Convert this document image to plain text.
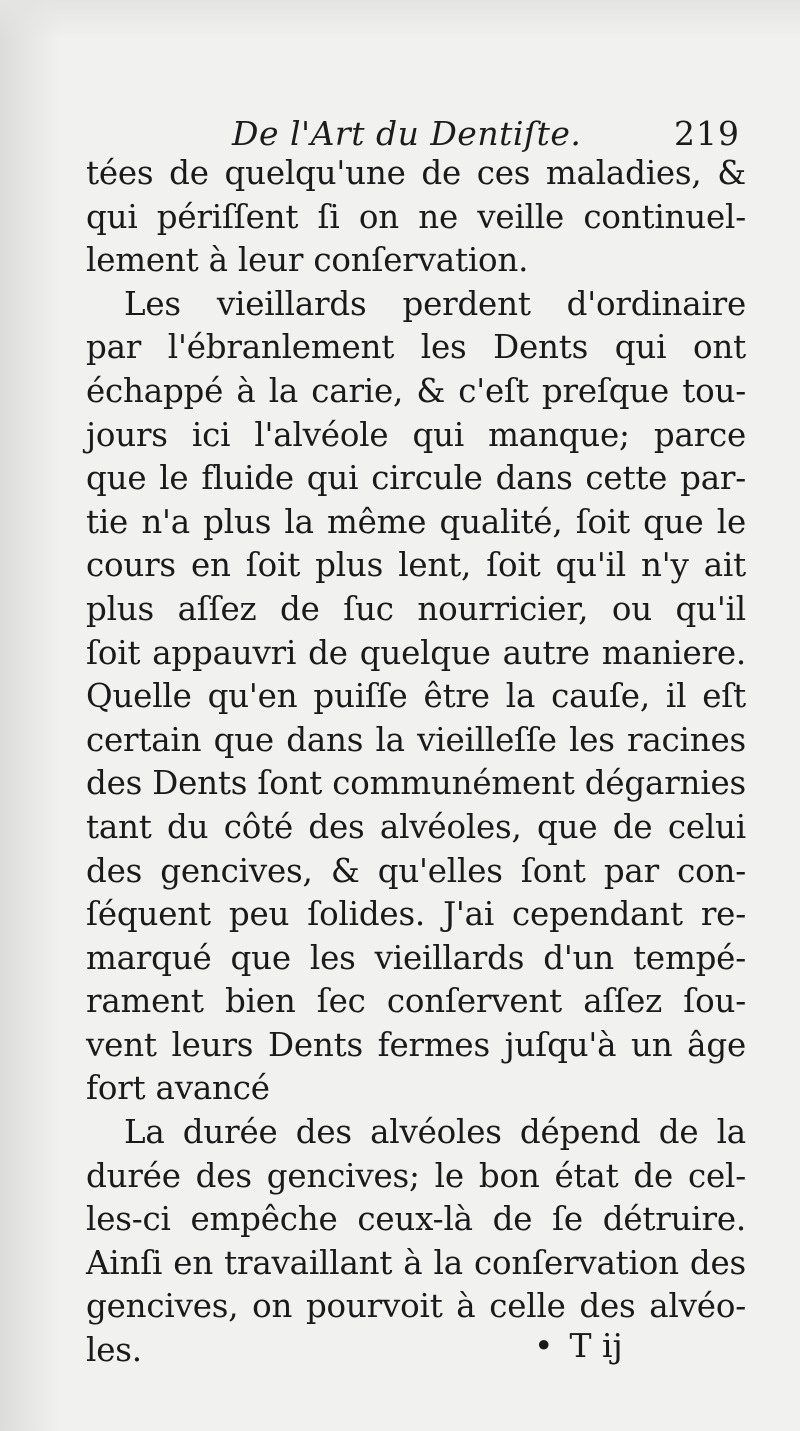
De l'Art du Dentiſte.	219
tées de quelqu'une de ces maladies, &
qui périſſent ſi on ne veille continuel-
lement à leur conſervation.
Les vieillards perdent d'ordinaire
par l'ébranlement les Dents qui ont
échappé à la carie, & c'eſt preſque tou-
jours ici l'alvéole qui manque; parce
que le fluide qui circule dans cette par-
tie n'a plus la même qualité, ſoit que le
cours en ſoit plus lent, ſoit qu'il n'y ait
plus aſſez de ſuc nourricier, ou qu'il
ſoit appauvri de quelque autre maniere.
Quelle qu'en puiſſe être la cauſe, il eſt
certain que dans la vieilleſſe les racines
des Dents ſont communément dégarnies
tant du côté des alvéoles, que de celui
des gencives, & qu'elles ſont par con-
ſéquent peu ſolides. J'ai cependant re-
marqué que les vieillards d'un tempé-
rament bien ſec conſervent aſſez ſou-
vent leurs Dents fermes juſqu'à un âge
fort avancé
La durée des alvéoles dépend de la
durée des gencives; le bon état de cel-
les-ci empêche ceux-là de ſe détruire.
Ainſi en travaillant à la conſervation des
gencives, on pourvoit à celle des alvéo-
les.	• T ij
